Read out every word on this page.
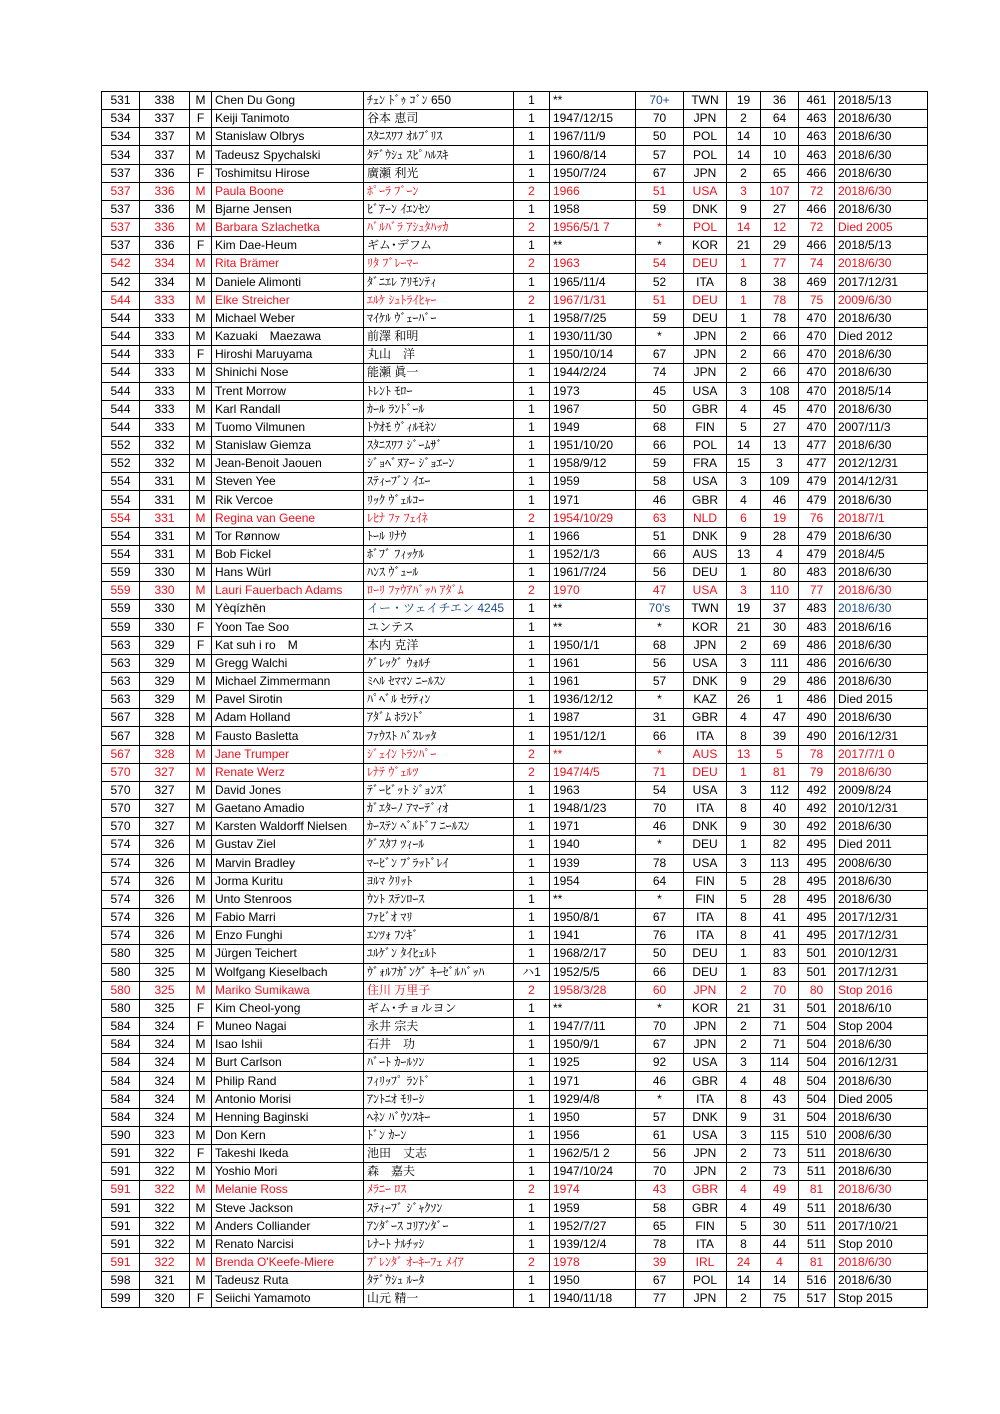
531	338	M	Chen Du Gong	ﾁｪﾝ ﾄﾞｩ ｺﾞﾝ 650	1	**	70+	TWN	19	36	461	2018/5/13
534	337	F	Keiji Tanimoto	谷本 恵司	1	1947/12/15	70	JPN	2	64	463	2018/6/30
534	337	M	Stanislaw Olbrys	ｽﾀﾆｽﾜﾌ ｵﾙﾌﾞﾘｽ	1	1967/11/9	50	POL	14	10	463	2018/6/30
534	337	M	Tadeusz Spychalski	ﾀﾃﾞｳｼｭ ｽﾋﾟﾊﾙｽｷ	1	1960/8/14	57	POL	14	10	463	2018/6/30
537	336	F	Toshimitsu Hirose	廣瀬 利光	1	1950/7/24	67	JPN	2	65	466	2018/6/30
537	336	M	Paula Boone	ﾎﾟｰﾗ ﾌﾞｰﾝ	2	1966	51	USA	3	107	72	2018/6/30
537	336	M	Bjarne Jensen	ﾋﾞｱｰﾝ ｲｴﾝｾﾝ	1	1958	59	DNK	9	27	466	2018/6/30
537	336	M	Barbara Szlachetka	ﾊﾞﾙﾊﾞﾗ ｱｼｭﾀﾊｯｶ	2	1956/5/1 7	*	POL	14	12	72	Died 2005
537	336	F	Kim Dae-Heum	ギム･デフム	1	**	*	KOR	21	29	466	2018/5/13
542	334	M	Rita Brämer	ﾘﾀ ﾌﾞﾚｰﾏｰ	2	1963	54	DEU	1	77	74	2018/6/30
542	334	M	Daniele Alimonti	ﾀﾞﾆｴﾚ ｱﾘﾓﾝﾃｨ	1	1965/11/4	52	ITA	8	38	469	2017/12/31
544	333	M	Elke Streicher	ｴﾙｹ ｼｭﾄﾗｲﾋｬｰ	2	1967/1/31	51	DEU	1	78	75	2009/6/30
544	333	M	Michael Weber	ﾏｲｹﾙ ｳﾞｪｰﾊﾞｰ	1	1958/7/25	59	DEU	1	78	470	2018/6/30
544	333	M	Kazuaki　Maezawa	前澤 和明	1	1930/11/30	*	JPN	2	66	470	Died 2012
544	333	F	Hiroshi Maruyama	丸山　洋	1	1950/10/14	67	JPN	2	66	470	2018/6/30
544	333	M	Shinichi Nose	能瀬 眞一	1	1944/2/24	74	JPN	2	66	470	2018/6/30
544	333	M	Trent Morrow	ﾄﾚﾝﾄ ﾓﾛｰ	1	1973	45	USA	3	108	470	2018/5/14
544	333	M	Karl Randall	ｶｰﾙ ﾗﾝﾄﾞｰﾙ	1	1967	50	GBR	4	45	470	2018/6/30
544	333	M	Tuomo Vilmunen	ﾄｳｵﾓ ｳﾞｨﾙﾓﾈﾝ	1	1949	68	FIN	5	27	470	2007/11/3
552	332	M	Stanislaw Giemza	ｽﾀﾆｽﾜﾌ ｼﾞｰﾑｻﾞ	1	1951/10/20	66	POL	14	13	477	2018/6/30
552	332	M	Jean-Benoit Jaouen	ｼﾞｮﾍﾞﾇｱｰ ｼﾞｮｴｰﾝ	1	1958/9/12	59	FRA	15	3	477	2012/12/31
554	331	M	Steven Yee	ｽﾃｨｰﾌﾞﾝ ｲｴｰ	1	1959	58	USA	3	109	479	2014/12/31
554	331	M	Rik Vercoe	ﾘｯｸ ｳﾞｪﾙｺｰ	1	1971	46	GBR	4	46	479	2018/6/30
554	331	M	Regina van Geene	ﾚﾋﾅ ﾌｧ ﾌｪｲﾈ	2	1954/10/29	63	NLD	6	19	76	2018/7/1
554	331	M	Tor Rønnow	ﾄｰﾙ ﾘﾅｳ	1	1966	51	DNK	9	28	479	2018/6/30
554	331	M	Bob Fickel	ﾎﾞﾌﾞ ﾌｨｯｹﾙ	1	1952/1/3	66	AUS	13	4	479	2018/4/5
559	330	M	Hans Würl	ﾊﾝｽ ｳﾞｭｰﾙ	1	1961/7/24	56	DEU	1	80	483	2018/6/30
559	330	M	Lauri Fauerbach Adams	ﾛｰﾘ ﾌｧｳｱﾊﾞｯﾊ ｱﾀﾞﾑ	2	1970	47	USA	3	110	77	2018/6/30
559	330	M	Yèqízhēn	イー・ツェイチエン 4245	1	**	70's	TWN	19	37	483	2018/6/30
559	330	F	Yoon Tae Soo	ユンテス	1	**	*	KOR	21	30	483	2018/6/16
563	329	F	Kat suh i ro　M	本内 克洋	1	1950/1/1	68	JPN	2	69	486	2018/6/30
563	329	M	Gregg Walchi	ｸﾞﾚｯｸﾞ ｳｫﾙﾁ	1	1961	56	USA	3	111	486	2016/6/30
563	329	M	Michael Zimmermann	ﾐﾍﾙ ｾﾏﾏﾝ ﾆｰﾙｽﾝ	1	1961	57	DNK	9	29	486	2018/6/30
563	329	M	Pavel Sirotin	ﾊﾟﾍﾞﾙ ｾﾗﾃｨﾝ	1	1936/12/12	*	KAZ	26	1	486	Died 2015
567	328	M	Adam Holland	ｱﾀﾞﾑ ﾎﾗﾝﾄﾞ	1	1987	31	GBR	4	47	490	2018/6/30
567	328	M	Fausto Basletta	ﾌｧｳｽﾄ ﾊﾞｽﾚｯﾀ	1	1951/12/1	66	ITA	8	39	490	2016/12/31
567	328	M	Jane Trumper	ｼﾞｪｲﾝ ﾄﾗﾝﾊﾟｰ	2	**	*	AUS	13	5	78	2017/7/1 0
570	327	M	Renate Werz	ﾚﾅﾃ ｳﾞｪﾙﾂ	2	1947/4/5	71	DEU	1	81	79	2018/6/30
570	327	M	David Jones	ﾃﾞｰﾋﾞｯﾄ ｼﾞｮﾝｽﾞ	1	1963	54	USA	3	112	492	2009/8/24
570	327	M	Gaetano Amadio	ｶﾞｴﾀｰﾉ ｱﾏｰﾃﾞｨｵ	1	1948/1/23	70	ITA	8	40	492	2010/12/31
570	327	M	Karsten Waldorff Nielsen	ｶｰｽﾃﾝ ﾍﾞﾙﾄﾞﾌ ﾆｰﾙｽﾝ	1	1971	46	DNK	9	30	492	2018/6/30
574	326	M	Gustav Ziel	ｸﾞｽﾀﾌ ﾂｨｰﾙ	1	1940	*	DEU	1	82	495	Died 2011
574	326	M	Marvin Bradley	ﾏｰﾋﾞﾝ ﾌﾞﾗｯﾄﾞﾚｲ	1	1939	78	USA	3	113	495	2008/6/30
574	326	M	Jorma Kuritu	ﾖﾙﾏ ｸﾘｯﾄ	1	1954	64	FIN	5	28	495	2018/6/30
574	326	M	Unto Stenroos	ｳﾝﾄ ｽﾃﾝﾛｰｽ	1	**	*	FIN	5	28	495	2018/6/30
574	326	M	Fabio Marri	ﾌｧﾋﾞｵ ﾏﾘ	1	1950/8/1	67	ITA	8	41	495	2017/12/31
574	326	M	Enzo Funghi	ｴﾝﾂｫ ﾌﾝｷﾞ	1	1941	76	ITA	8	41	495	2017/12/31
580	325	M	Jürgen Teichert	ﾕﾙｹﾞﾝ ﾀｲﾋｪﾙﾄ	1	1968/2/17	50	DEU	1	83	501	2010/12/31
580	325	M	Wolfgang Kieselbach	ｳﾞｫﾙﾌｶﾞﾝｸﾞ ｷｰｾﾞﾙﾊﾞｯﾊ	ハ1	1952/5/5	66	DEU	1	83	501	2017/12/31
580	325	M	Mariko Sumikawa	住川 万里子	2	1958/3/28	60	JPN	2	70	80	Stop 2016
580	325	F	Kim Cheol-yong	ギム･チョルヨン	1	**	*	KOR	21	31	501	2018/6/10
584	324	F	Muneo Nagai	永井 宗夫	1	1947/7/11	70	JPN	2	71	504	Stop 2004
584	324	M	Isao Ishii	石井　功	1	1950/9/1	67	JPN	2	71	504	2018/6/30
584	324	M	Burt Carlson	ﾊﾞｰﾄ ｶｰﾙｿﾝ	1	1925	92	USA	3	114	504	2016/12/31
584	324	M	Philip Rand	ﾌｨﾘｯﾌﾟ ﾗﾝﾄﾞ	1	1971	46	GBR	4	48	504	2018/6/30
584	324	M	Antonio Morisi	ｱﾝﾄﾆｵ ﾓﾘｰｼ	1	1929/4/8	*	ITA	8	43	504	Died 2005
584	324	M	Henning Baginski	ﾍﾈﾝ ﾊﾞｳﾝｽｷｰ	1	1950	57	DNK	9	31	504	2018/6/30
590	323	M	Don Kern	ﾄﾞﾝ ｶｰﾝ	1	1956	61	USA	3	115	510	2008/6/30
591	322	F	Takeshi Ikeda	池田　丈志	1	1962/5/1 2	56	JPN	2	73	511	2018/6/30
591	322	M	Yoshio Mori	森　嘉夫	1	1947/10/24	70	JPN	2	73	511	2018/6/30
591	322	M	Melanie Ross	ﾒﾗﾆｰ ﾛｽ	2	1974	43	GBR	4	49	81	2018/6/30
591	322	M	Steve Jackson	ｽﾃｨｰﾌﾞ ｼﾞｬｸｿﾝ	1	1959	58	GBR	4	49	511	2018/6/30
591	322	M	Anders Colliander	ｱﾝﾀﾞｰｽ ｺﾘｱﾝﾀﾞｰ	1	1952/7/27	65	FIN	5	30	511	2017/10/21
591	322	M	Renato Narcisi	ﾚﾅｰﾄ ﾅﾙﾁｯｼ	1	1939/12/4	78	ITA	8	44	511	Stop 2010
591	322	M	Brenda O'Keefe-Miere	ﾌﾞﾚﾝﾀﾞ ｵｰｷｰﾌｪ ﾒｲｱ	2	1978	39	IRL	24	4	81	2018/6/30
598	321	M	Tadeusz Ruta	ﾀﾃﾞｳｼｭ ﾙｰﾀ	1	1950	67	POL	14	14	516	2018/6/30
599	320	F	Seiichi Yamamoto	山元 精一	1	1940/11/18	77	JPN	2	75	517	Stop 2015
